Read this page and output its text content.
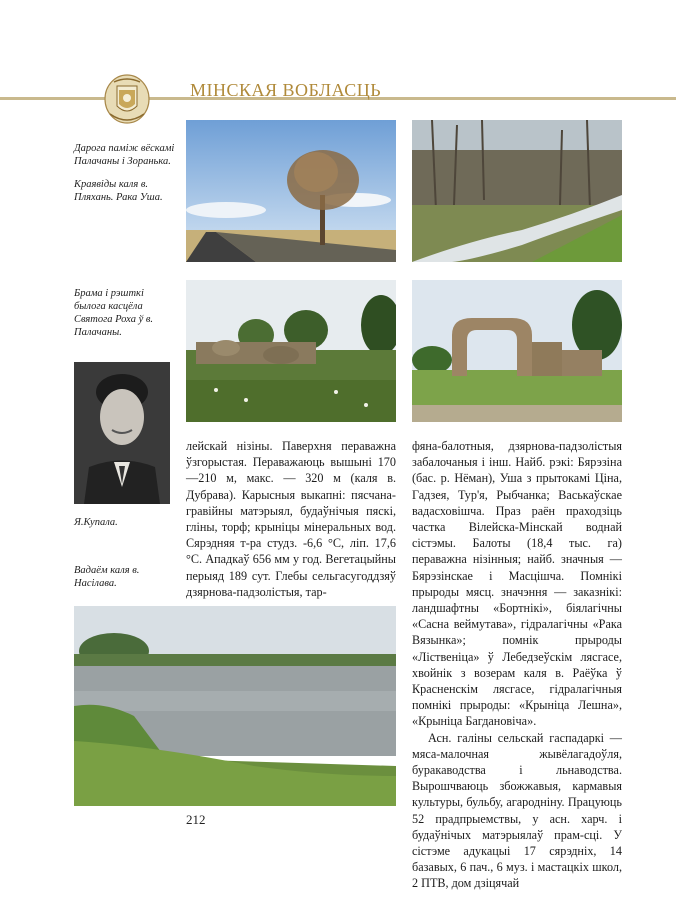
МІНСКАЯ ВОБЛАСЦЬ
Дарога паміж вёскамі Палачаны і Зоранька.
Краявіды каля в. Пляхань. Рака Уша.
Брама і рэшткі былога касцёла Святога Роха ў в. Палачаны.
Я.Купала.
Вадаём каля в. Насілава.

лейскай нізіны. Паверхня пераважна ўзгорыстая. Пераважаюць вышыні 170—210 м, макс. — 320 м (каля в. Дубрава). Карысныя выкапні: пясчана-гравійны матэрыял, будаўнічыя пяскі, гліны, торф; крыніцы мінеральных вод. Сярэдняя т-ра студз. -6,6 °С, ліп. 17,6 °С. Ападкаў 656 мм у год. Вегетацыйны перыяд 189 сут. Глебы сельгасугоддзяў дзярнова-падзолістыя, тар-

фяна-балотныя, дзярнова-падзолістыя забалочаныя і інш. Найб. рэкі: Бярэзіна (бас. р. Нёман), Уша з прытокамі Ціна, Гадзея, Тур'я, Рыбчанка; Васькаўскае вадасховішча. Праз раён праходзіць частка Вілейска-Мінскай воднай сістэмы. Балоты (18,4 тыс. га) пераважна нізінныя; найб. значныя — Бярэзінскае і Масцішча. Помнікі прыроды мясц. значэння — заказнікі: ландшафтны «Бортнікі», біялагічны «Сасна веймутава», гідралагічны «Рака Вязынка»; помнік прыроды «Ліственіца» ў Лебедзеўскім лясгасе, хвойнік з возерам каля в. Раёўка ў Красненскім лясгасе, гідралагічныя помнікі прыроды: «Крыніца Лешна», «Крыніца Багдановіча».

Асн. галіны сельскай гаспадаркі — мяса-малочная жывёлагадоўля, буракаводства і льнаводства. Вырошчваюць збожжавыя, кармавыя культуры, бульбу, агародніну. Працуюць 52 прадпрыемствы, у асн. харч. і будаўнічых матэрыялаў прам-сці. У сістэме адукацыі 17 сярэдніх, 14 базавых, 6 пач., 6 муз. і мастацкіх школ, 2 ПТВ, дом дзіцячай

212
